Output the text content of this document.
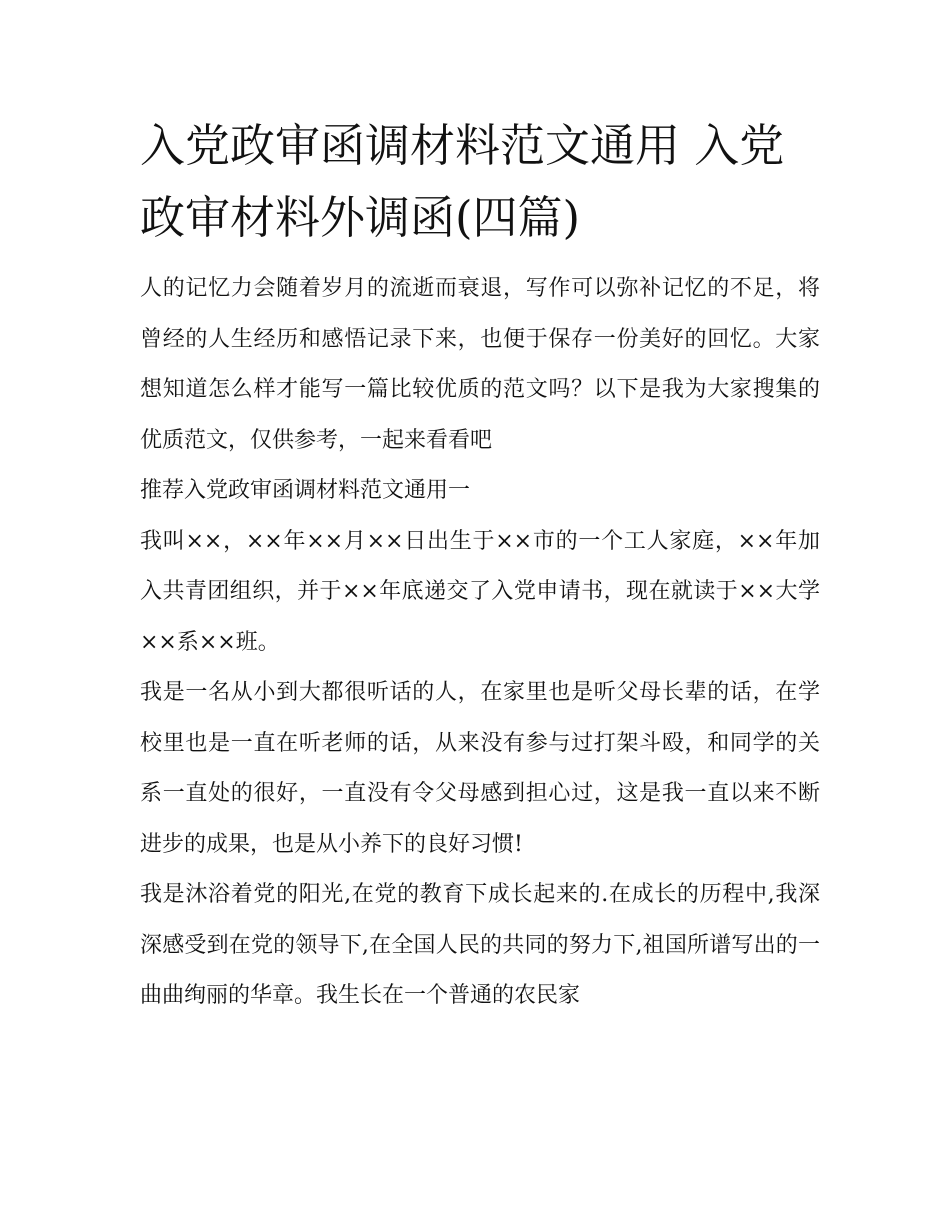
入党政审函调材料范文通用 入党政审材料外调函(四篇)

人的记忆力会随着岁月的流逝而衰退，写作可以弥补记忆的不足，将曾经的人生经历和感悟记录下来，也便于保存一份美好的回忆。大家想知道怎么样才能写一篇比较优质的范文吗？以下是我为大家搜集的优质范文，仅供参考，一起来看看吧

推荐入党政审函调材料范文通用一

我叫××，××年××月××日出生于××市的一个工人家庭，××年加入共青团组织，并于××年底递交了入党申请书，现在就读于××大学××系××班。

我是一名从小到大都很听话的人，在家里也是听父母长辈的话，在学校里也是一直在听老师的话，从来没有参与过打架斗殴，和同学的关系一直处的很好，一直没有令父母感到担心过，这是我一直以来不断进步的成果，也是从小养下的良好习惯!

我是沐浴着党的阳光,在党的教育下成长起来的.在成长的历程中,我深深感受到在党的领导下,在全国人民的共同的努力下,祖国所谱写出的一曲曲绚丽的华章。我生长在一个普通的农民家
